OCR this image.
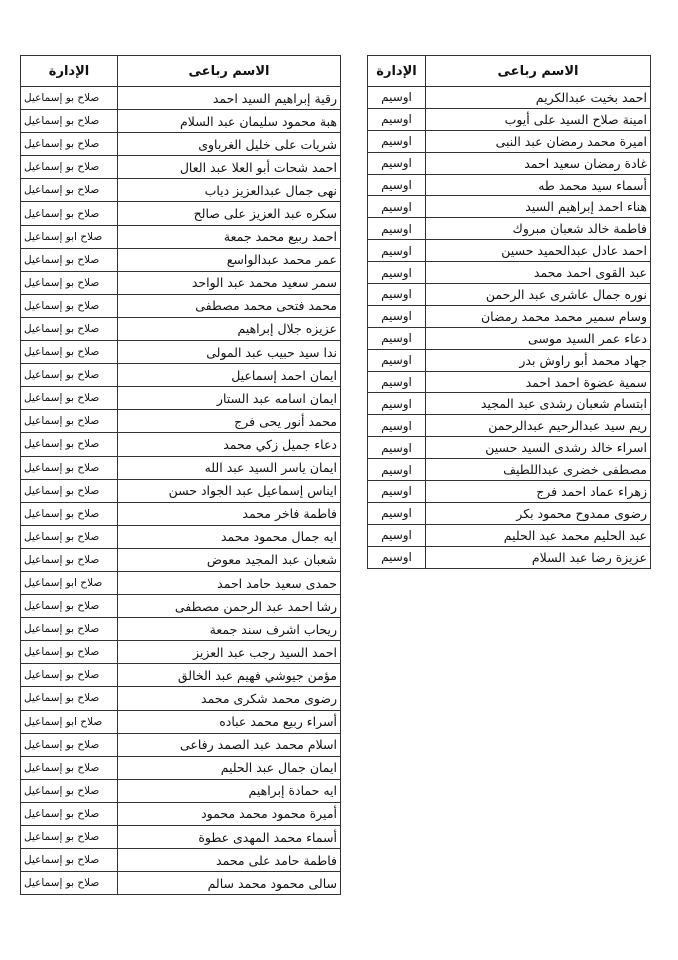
الاسم رباعى	الإدارة
رقية إبراهيم السيد احمد	صلاح بو إسماعيل
هبة محمود سليمان عبد السلام	صلاح بو إسماعيل
شريات على خليل الغرباوى	صلاح بو إسماعيل
احمد شحات أبو العلا عبد العال	صلاح بو إسماعيل
نهى جمال عبدالعزيز دياب	صلاح بو إسماعيل
سكره عبد العزيز على صالح	صلاح بو إسماعيل
احمد ربيع محمد جمعة	صلاح ابو إسماعيل
عمر محمد عبدالواسع	صلاح بو إسماعيل
سمر سعيد محمد عبد الواحد	صلاح بو إسماعيل
محمد فتحى محمد مصطفى	صلاح بو إسماعيل
عزيزه جلال إبراهيم	صلاح بو إسماعيل
ندا سيد حبيب عبد المولى	صلاح بو إسماعيل
ايمان احمد إسماعيل	صلاح بو إسماعيل
ايمان اسامه عبد الستار	صلاح بو إسماعيل
محمد أنور يحى فرج	صلاح بو إسماعيل
دعاء جميل زكي محمد	صلاح بو إسماعيل
ايمان ياسر السيد عبد الله	صلاح بو إسماعيل
ايناس إسماعيل عبد الجواد حسن	صلاح بو إسماعيل
فاطمة فاخر محمد	صلاح بو إسماعيل
ايه جمال محمود محمد	صلاح بو إسماعيل
شعبان عبد المجيد معوض	صلاح بو إسماعيل
حمدى سعيد حامد احمد	صلاح ابو إسماعيل
رشا احمد عبد الرحمن مصطفى	صلاح بو إسماعيل
ريحاب اشرف سند جمعة	صلاح بو إسماعيل
احمد السيد رجب عبد العزيز	صلاح بو إسماعيل
مؤمن جيوشي فهيم عبد الخالق	صلاح بو إسماعيل
رضوى محمد شكرى محمد	صلاح بو إسماعيل
أسراء ربيع محمد عباده	صلاح ابو إسماعيل
اسلام محمد عبد الصمد رفاعى	صلاح بو إسماعيل
ايمان جمال عبد الحليم	صلاح بو إسماعيل
ايه حمادة إبراهيم	صلاح بو إسماعيل
أميرة محمود محمد محمود	صلاح بو إسماعيل
أسماء محمد المهدى عطوة	صلاح بو إسماعيل
فاطمة حامد على محمد	صلاح بو إسماعيل
سالى محمود محمد سالم	صلاح بو إسماعيل
الاسم رباعى	الإدارة
احمد بخيت عبدالكريم	اوسيم
امينة صلاح السيد على أيوب	اوسيم
اميرة محمد رمضان عبد النبى	اوسيم
غادة رمضان سعيد احمد	اوسيم
أسماء سيد محمد طه	اوسيم
هناء احمد إبراهيم السيد	اوسيم
فاطمة خالد شعبان مبروك	اوسيم
احمد عادل عبدالحميد حسين	اوسيم
عبد القوى احمد محمد	اوسيم
نوره جمال عاشرى عبد الرحمن	اوسيم
وسام سمير محمد محمد رمضان	اوسيم
دعاء عمر السيد موسى	اوسيم
جهاد محمد أبو راوش بدر	اوسيم
سمية عضوة احمد احمد	اوسيم
ابتسام شعبان رشدى عبد المجيد	اوسيم
ريم سيد عبدالرحيم عبدالرحمن	اوسيم
اسراء خالد رشدى السيد حسين	اوسيم
مصطفى خضرى عبداللطيف	اوسيم
زهراء عماد احمد فرج	اوسيم
رضوى ممدوح محمود بكر	اوسيم
عبد الحليم محمد عبد الحليم	اوسيم
عزيزة رضا عبد السلام	اوسيم
